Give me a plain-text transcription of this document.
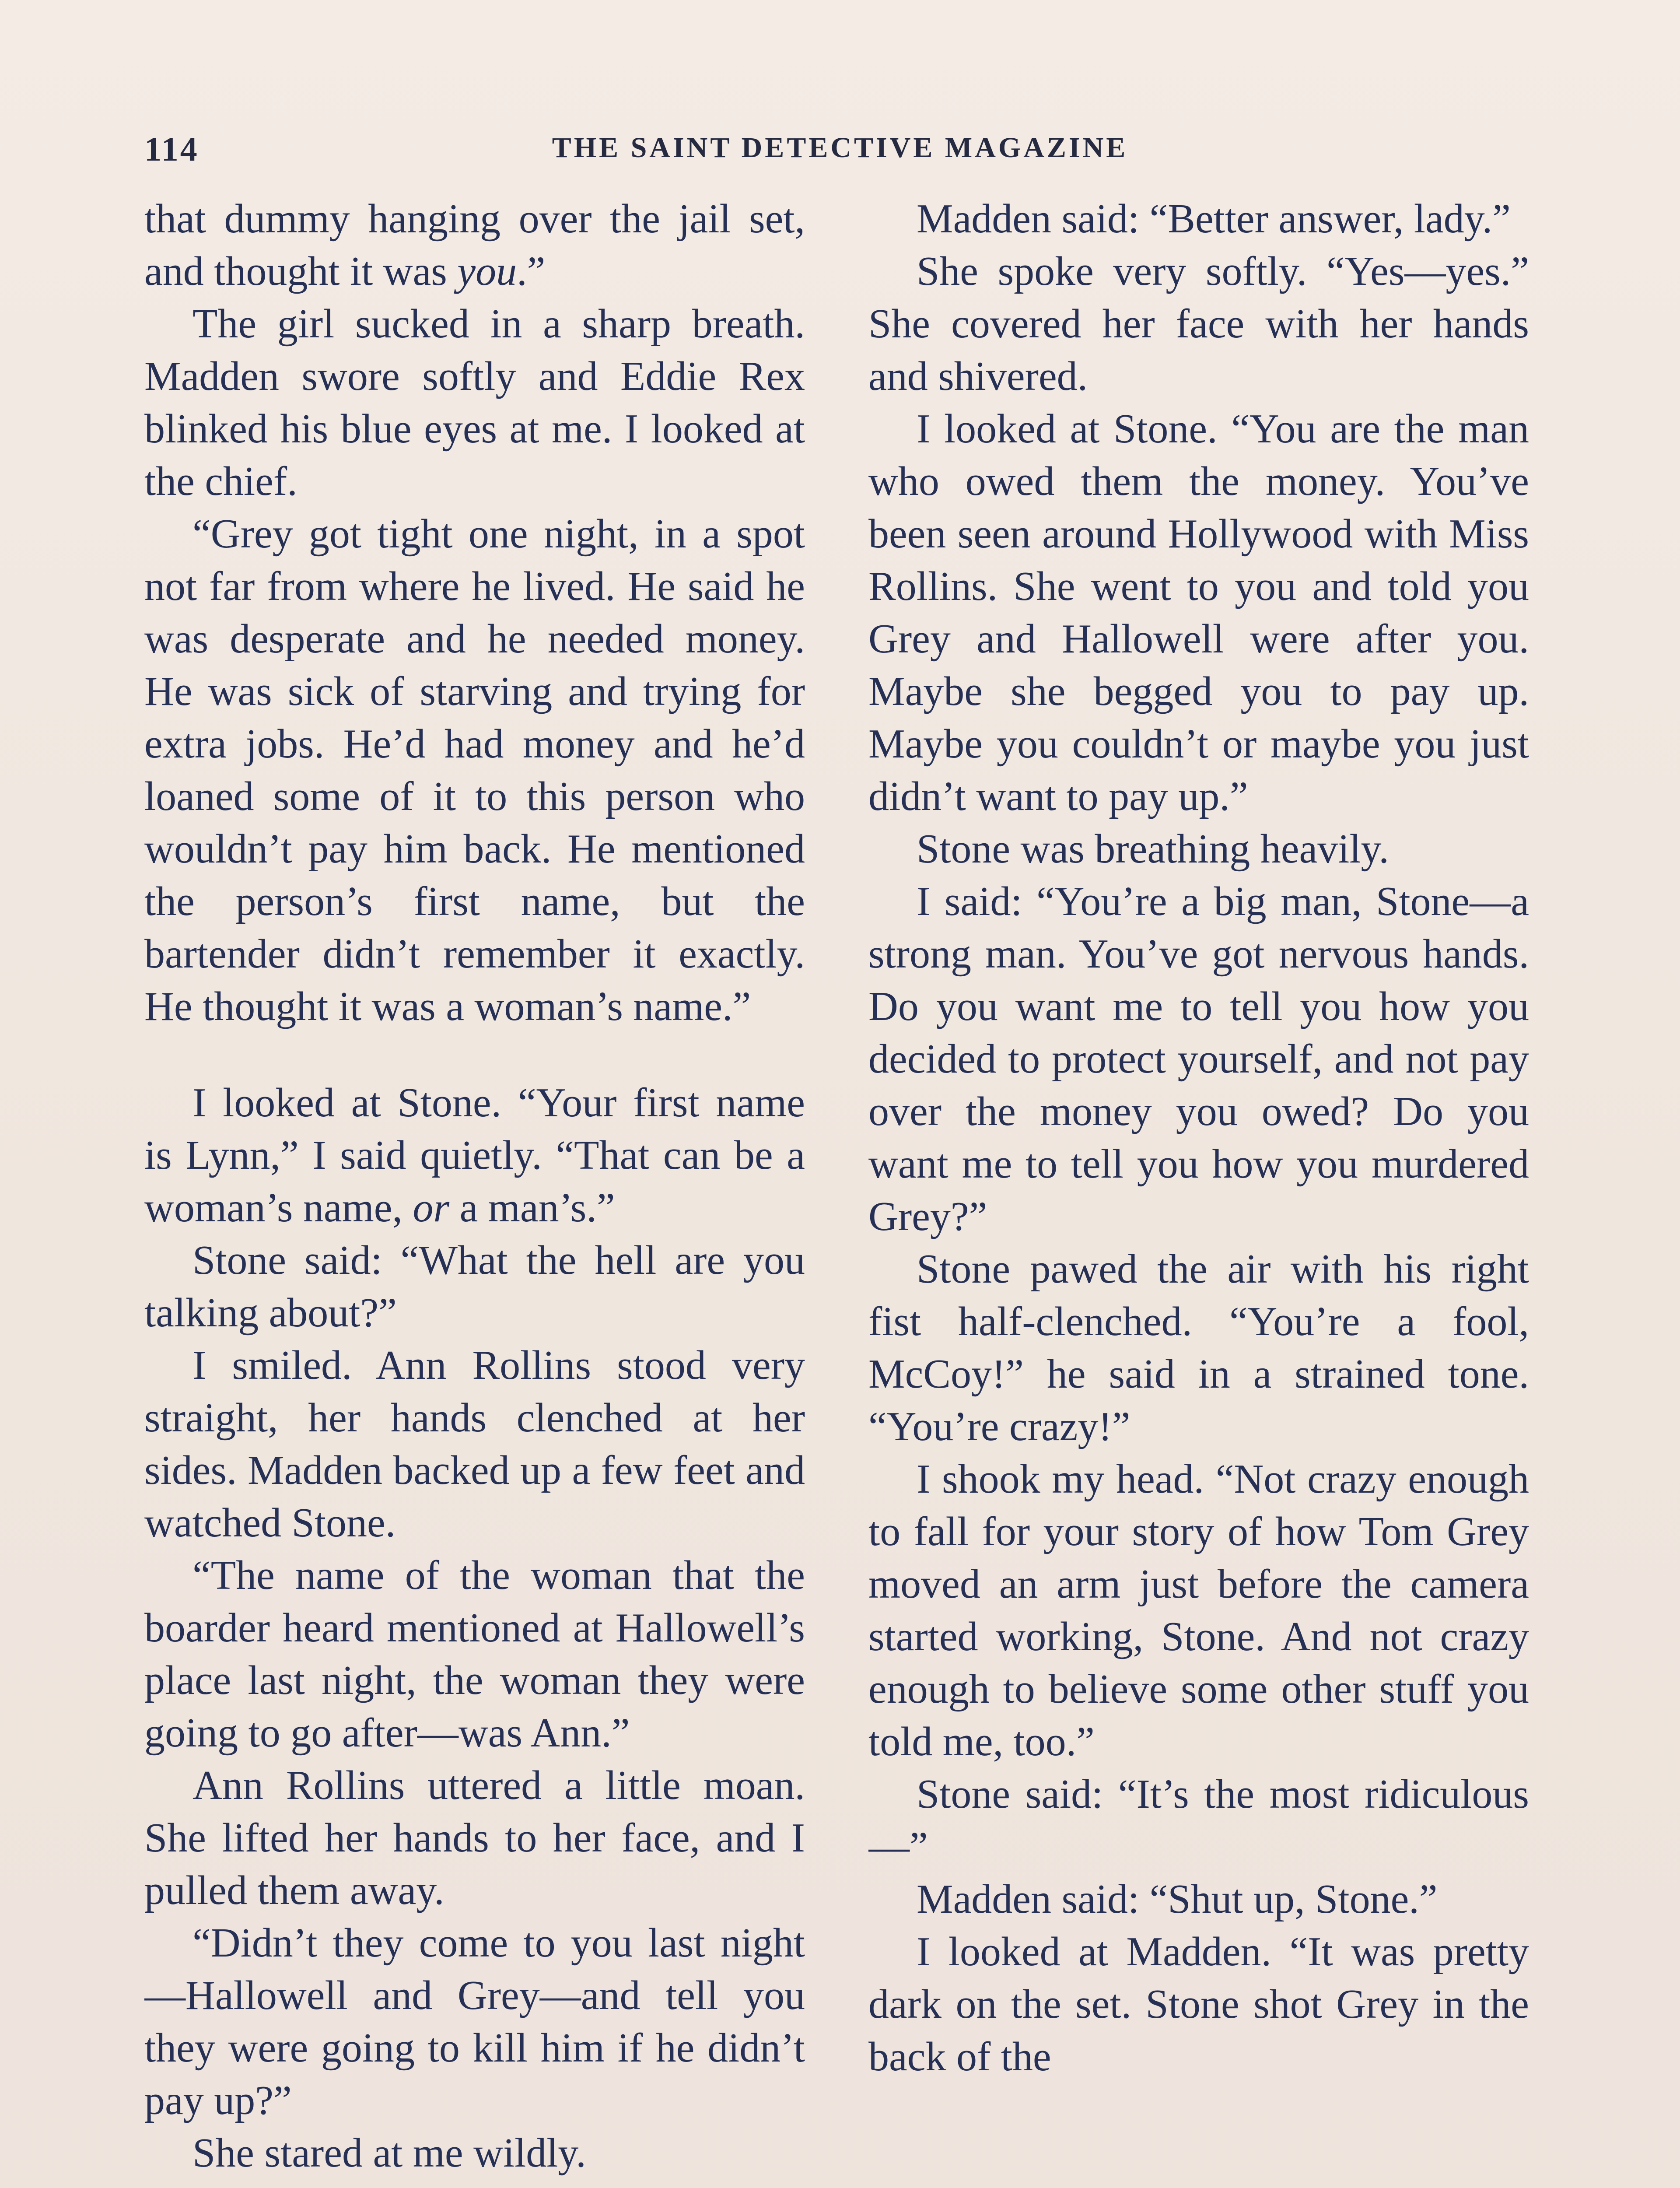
114	THE SAINT DETECTIVE MAGAZINE

that dummy hanging over the jail set, and thought it was you.”

The girl sucked in a sharp breath. Madden swore softly and Eddie Rex blinked his blue eyes at me. I looked at the chief.

“Grey got tight one night, in a spot not far from where he lived. He said he was desperate and he needed money. He was sick of starving and trying for extra jobs. He’d had money and he’d loaned some of it to this person who wouldn’t pay him back. He mentioned the person’s first name, but the bartender didn’t remember it exactly. He thought it was a woman’s name.”

I looked at Stone. “Your first name is Lynn,” I said quietly. “That can be a woman’s name, or a man’s.”

Stone said: “What the hell are you talking about?”

I smiled. Ann Rollins stood very straight, her hands clenched at her sides. Madden backed up a few feet and watched Stone.

“The name of the woman that the boarder heard mentioned at Hallowell’s place last night, the woman they were going to go after—was Ann.”

Ann Rollins uttered a little moan. She lifted her hands to her face, and I pulled them away.

“Didn’t they come to you last night—Hallowell and Grey—and tell you they were going to kill him if he didn’t pay up?”

She stared at me wildly.

Madden said: “Better answer, lady.”

She spoke very softly. “Yes—yes.” She covered her face with her hands and shivered.

I looked at Stone. “You are the man who owed them the money. You’ve been seen around Hollywood with Miss Rollins. She went to you and told you Grey and Hallowell were after you. Maybe she begged you to pay up. Maybe you couldn’t or maybe you just didn’t want to pay up.”

Stone was breathing heavily.

I said: “You’re a big man, Stone—a strong man. You’ve got nervous hands. Do you want me to tell you how you decided to protect yourself, and not pay over the money you owed? Do you want me to tell you how you murdered Grey?”

Stone pawed the air with his right fist half-clenched. “You’re a fool, McCoy!” he said in a strained tone. “You’re crazy!”

I shook my head. “Not crazy enough to fall for your story of how Tom Grey moved an arm just before the camera started working, Stone. And not crazy enough to believe some other stuff you told me, too.”

Stone said: “It’s the most ridiculous—”

Madden said: “Shut up, Stone.”

I looked at Madden. “It was pretty dark on the set. Stone shot Grey in the back of the
